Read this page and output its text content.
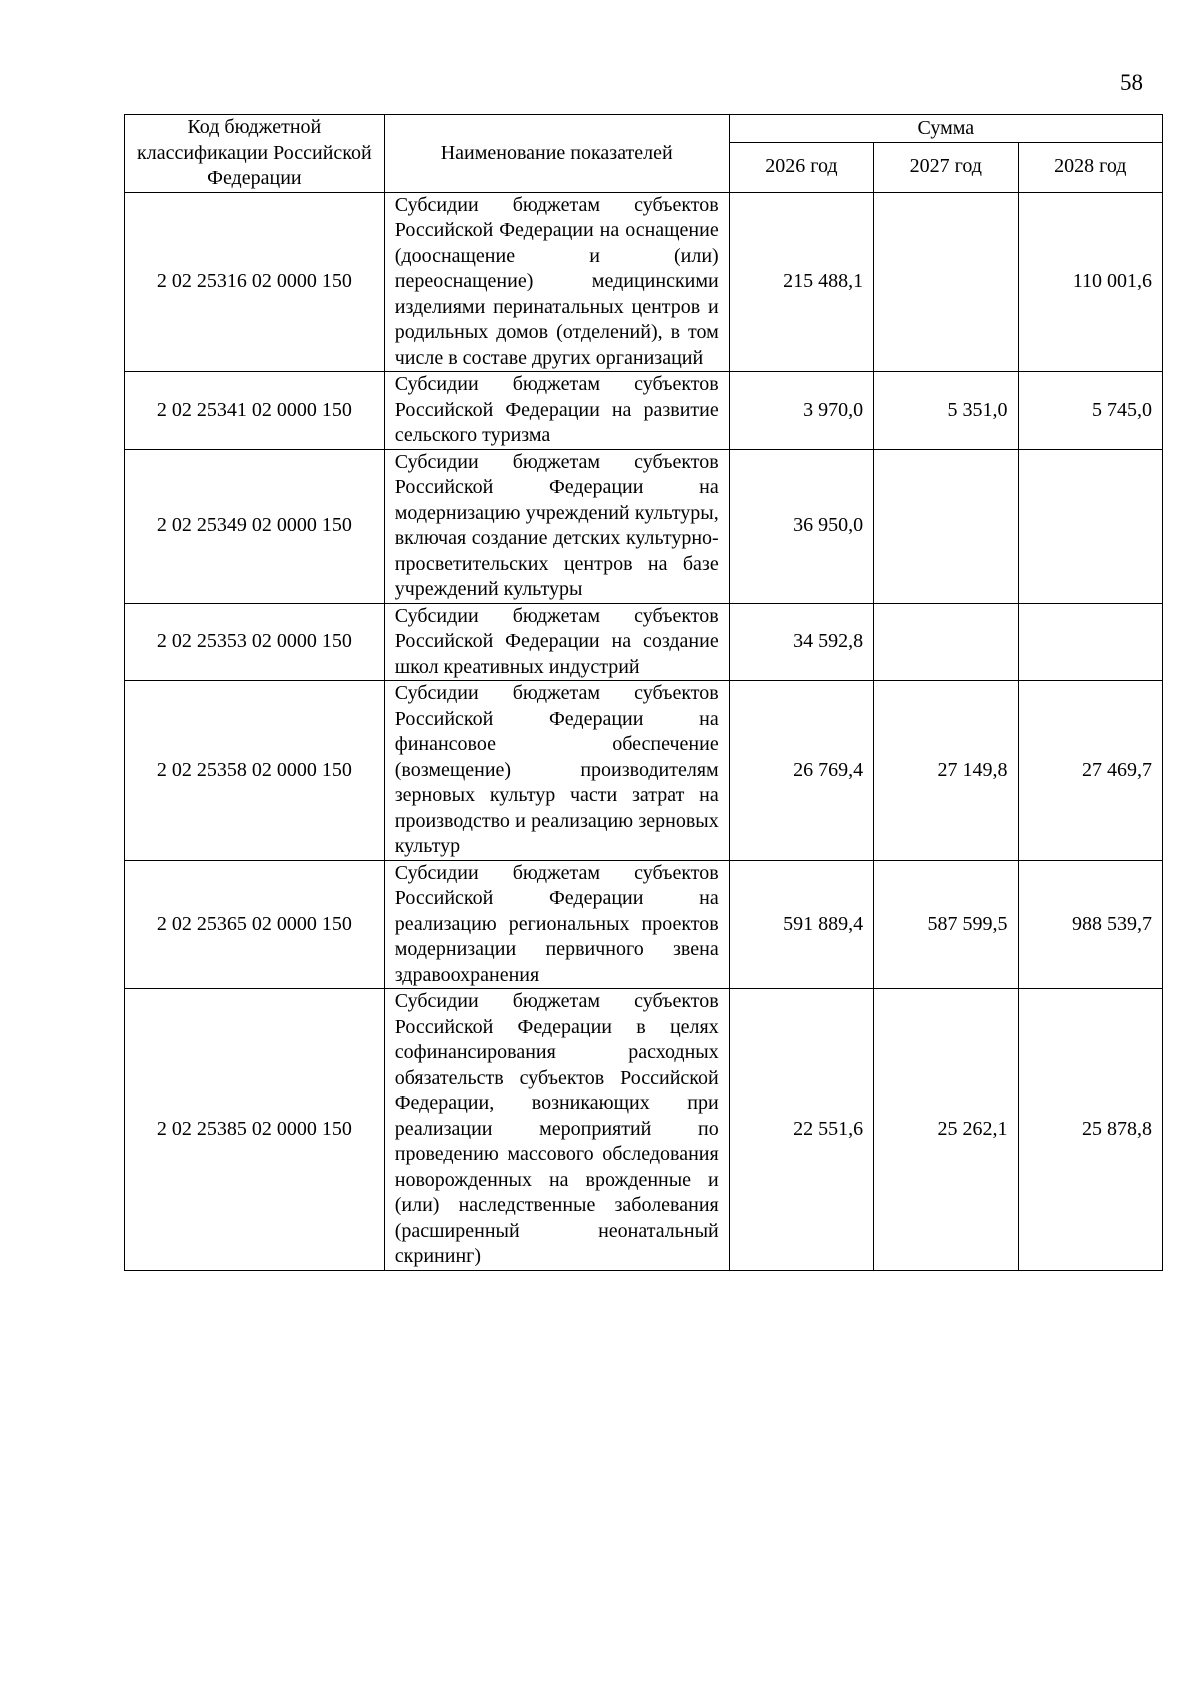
58
Код бюджетной классификации Российской Федерации	Наименование показателей	Сумма		
		2026 год	2027 год	2028 год
2 02 25316 02 0000 150	Субсидии бюджетам субъектов Российской Федерации на оснащение (дооснащение и (или) переоснащение) медицинскими изделиями перинатальных центров и родильных домов (отделений), в том числе в составе других организаций	215 488,1		110 001,6
2 02 25341 02 0000 150	Субсидии бюджетам субъектов Российской Федерации на развитие сельского туризма	3 970,0	5 351,0	5 745,0
2 02 25349 02 0000 150	Субсидии бюджетам субъектов Российской Федерации на модернизацию учреждений культуры, включая создание детских культурно-просветительских центров на базе учреждений культуры	36 950,0		
2 02 25353 02 0000 150	Субсидии бюджетам субъектов Российской Федерации на создание школ креативных индустрий	34 592,8		
2 02 25358 02 0000 150	Субсидии бюджетам субъектов Российской Федерации на финансовое обеспечение (возмещение) производителям зерновых культур части затрат на производство и реализацию зерновых культур	26 769,4	27 149,8	27 469,7
2 02 25365 02 0000 150	Субсидии бюджетам субъектов Российской Федерации на реализацию региональных проектов модернизации первичного звена здравоохранения	591 889,4	587 599,5	988 539,7
2 02 25385 02 0000 150	Субсидии бюджетам субъектов Российской Федерации в целях софинансирования расходных обязательств субъектов Российской Федерации, возникающих при реализации мероприятий по проведению массового обследования новорожденных на врожденные и (или) наследственные заболевания (расширенный неонатальный скрининг)	22 551,6	25 262,1	25 878,8
